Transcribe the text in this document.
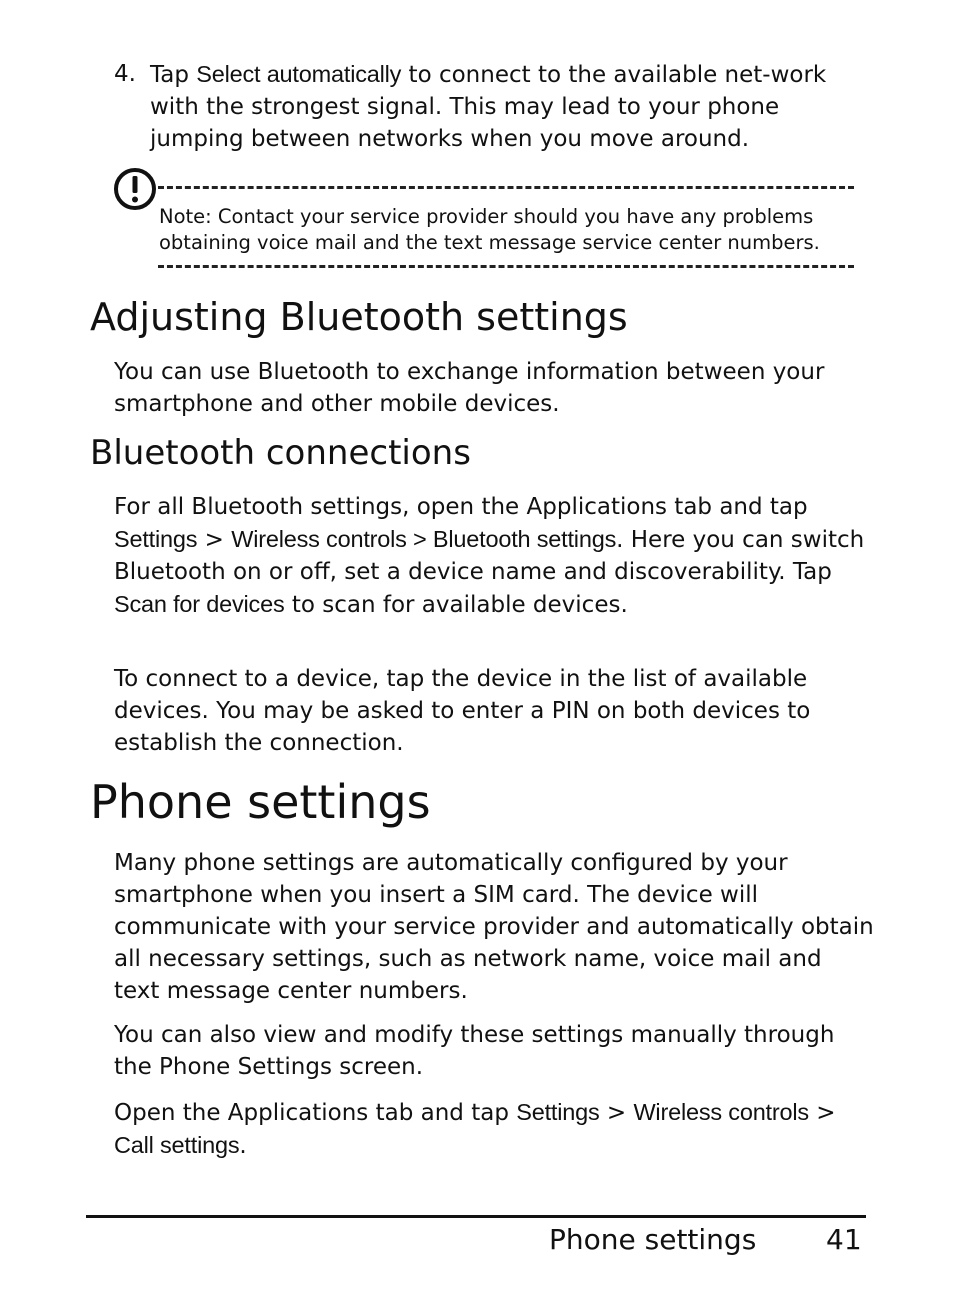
4. Tap Select automatically to connect to the available net-work with the strongest signal. This may lead to your phone jumping between networks when you move around.

Note: Contact your service provider should you have any problems obtaining voice mail and the text message service center numbers.

Adjusting Bluetooth settings

You can use Bluetooth to exchange information between your smartphone and other mobile devices.

Bluetooth connections

For all Bluetooth settings, open the Applications tab and tap Settings > Wireless controls > Bluetooth settings. Here you can switch Bluetooth on or off, set a device name and discoverability. Tap Scan for devices to scan for available devices.

To connect to a device, tap the device in the list of available devices. You may be asked to enter a PIN on both devices to establish the connection.

Phone settings

Many phone settings are automatically configured by your smartphone when you insert a SIM card. The device will communicate with your service provider and automatically obtain all necessary settings, such as network name, voice mail and text message center numbers.

You can also view and modify these settings manually through the Phone Settings screen.

Open the Applications tab and tap Settings > Wireless controls > Call settings.

Phone settings 41
